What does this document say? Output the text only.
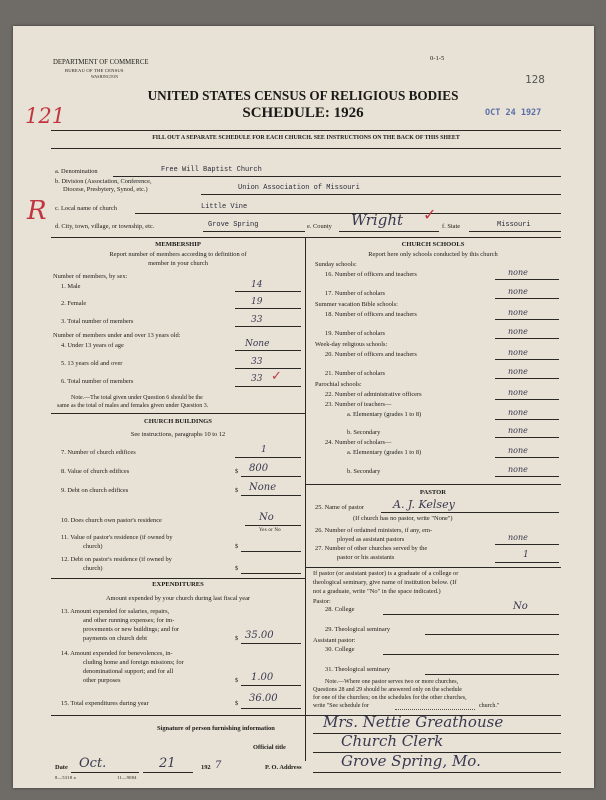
DEPARTMENT OF COMMERCE
BUREAU OF THE CENSUS
WASHINGTON
0-1-5
128
OCT 24 1927
121
R
UNITED STATES CENSUS OF RELIGIOUS BODIES
SCHEDULE: 1926
FILL OUT A SEPARATE SCHEDULE FOR EACH CHURCH. SEE INSTRUCTIONS ON THE BACK OF THIS SHEET
a. Denomination	Free Will Baptist Church
b. Division (Association, Conference,
Diocese, Presbytery, Synod, etc.)	Union Association of Missouri
c. Local name of church	Little Vine
d. City, town, village, or township, etc.	Grove Spring	e. County Wright ✓
f. State	Missouri
MEMBERSHIP
Report number of members according to definition of
member in your church
Number of members, by sex:
1. Male	14
2. Female	19
3. Total number of members	33
Number of members under and over 13 years old:
4. Under 13 years of age	None
5. 13 years old and over	33
6. Total number of members	33 ✓
Note.—The total given under Question 6 should be the
same as the total of males and females given under Question 3.
CHURCH BUILDINGS
See instructions, paragraphs 10 to 12
7. Number of church edifices	1
8. Value of church edifices	$ 800
9. Debt on church edifices	$ None
10. Does church own pastor's residence	No
Yes or No
11. Value of pastor's residence (if owned by
church)	$
12. Debt on pastor's residence (if owned by
church)	$
EXPENDITURES
Amount expended by your church during last fiscal year
13. Amount expended for salaries, repairs,
and other running expenses; for im-
provements or new buildings; and for
payments on church debt	$ 35.00
14. Amount expended for benevolences, in-
cluding home and foreign missions; for
denominational support; and for all
other purposes	$ 1.00
15. Total expenditures during year	$ 36.00
CHURCH SCHOOLS
Report here only schools conducted by this church
Sunday schools:
16. Number of officers and teachers	none
17. Number of scholars	none
Summer vacation Bible schools:
18. Number of officers and teachers	none
19. Number of scholars	none
Week-day religious schools:
20. Number of officers and teachers	none
21. Number of scholars	none
Parochial schools:
22. Number of administrative officers	none
23. Number of teachers—
a. Elementary (grades 1 to 8)	none
b. Secondary	none
24. Number of scholars—
a. Elementary (grades 1 to 8)	none
b. Secondary	none
PASTOR
25. Name of pastor	A. J. Kelsey
(If church has no pastor, write "None")
26. Number of ordained ministers, if any, em-
ployed as assistant pastors	none
27. Number of other churches served by the
pastor or his assistants	1
If pastor (or assistant pastor) is a graduate of a college or
theological seminary, give name of institution below. (If
not a graduate, write "No" in the space indicated.)
Pastor:
28. College	No
29. Theological seminary
Assistant pastor:
30. College
31. Theological seminary
Note.—Where one pastor serves two or more churches,
Questions 28 and 29 should be answered only on the schedule
for one of the churches; on the schedules for the other churches,
write "See schedule for	church."
Signature of person furnishing information	Mrs. Nettie Greathouse
Official title	Church Clerk
Date Oct.	21	192 7	P. O. Address	Grove Spring, Mo.
8—5318 a	11—9084
